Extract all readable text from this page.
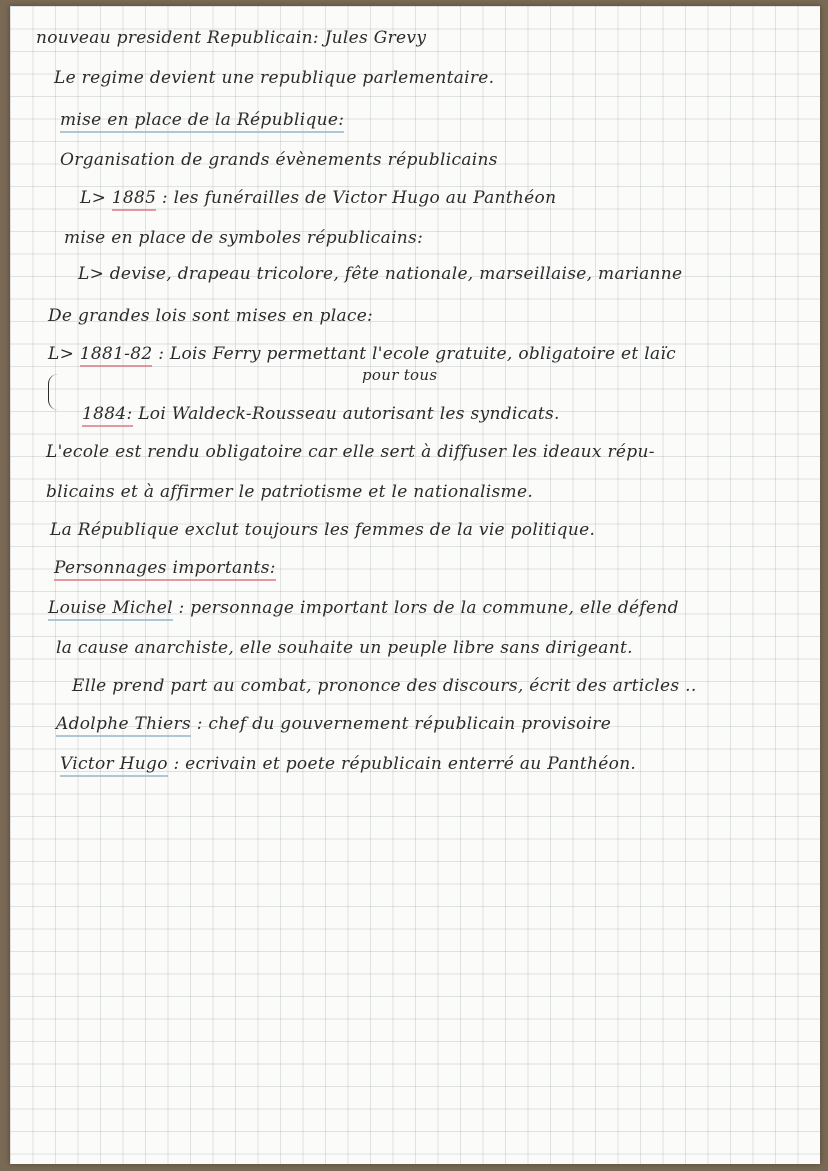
nouveau president Republicain: Jules Grevy
Le regime devient une republique parlementaire.
mise en place de la République:
Organisation de grands évènements républicains
L> 1885 : les funérailles de Victor Hugo au Panthéon
mise en place de symboles républicains:
L> devise, drapeau tricolore, fête nationale, marseillaise, marianne
De grandes lois sont mises en place:
L> 1881-82 : Lois Ferry permettant l'ecole gratuite, obligatoire et laïc
pour tous
1884: Loi Waldeck-Rousseau autorisant les syndicats.
L'ecole est rendu obligatoire car elle sert à diffuser les ideaux répu-
blicains et à affirmer le patriotisme et le nationalisme.
La République exclut toujours les femmes de la vie politique.
Personnages importants:
Louise Michel : personnage important lors de la commune, elle défend
la cause anarchiste, elle souhaite un peuple libre sans dirigeant.
Elle prend part au combat, prononce des discours, écrit des articles ..
Adolphe Thiers : chef du gouvernement républicain provisoire
Victor Hugo : ecrivain et poete républicain enterré au Panthéon.
